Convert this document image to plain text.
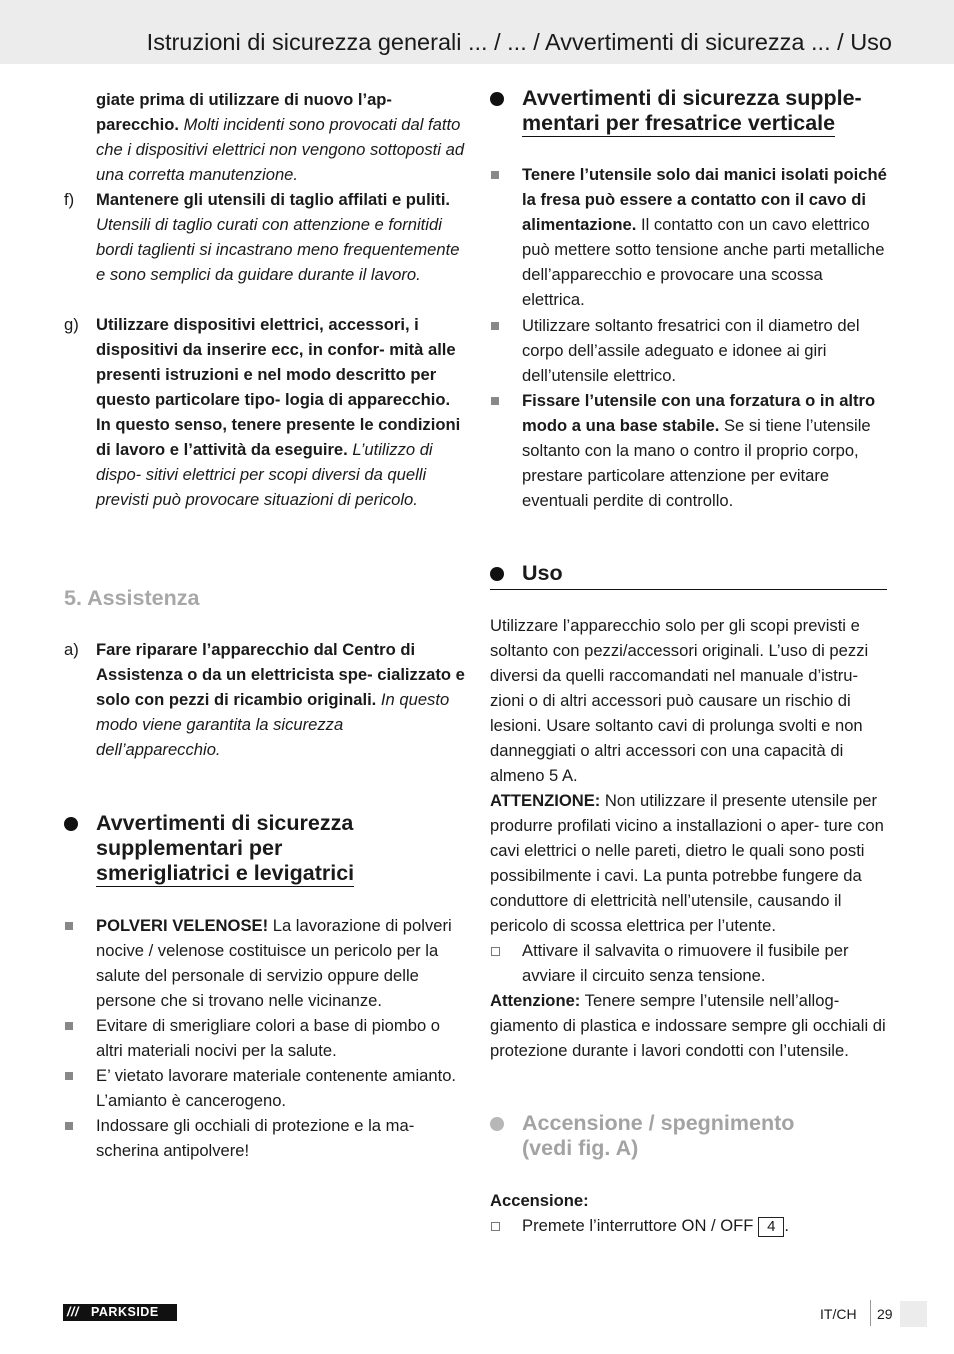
Istruzioni di sicurezza generali ... / ... / Avvertimenti di sicurezza ... / Uso
giate prima di utilizzare di nuovo l’ap- parecchio. Molti incidenti sono provocati dal fatto che i dispositivi elettrici non vengono sottoposti ad una corretta manutenzione.
f) Mantenere gli utensili di taglio affilati e puliti. Utensili di taglio curati con attenzione e fornitidi bordi taglienti si incastrano meno frequentemente e sono semplici da guidare durante il lavoro.
g) Utilizzare dispositivi elettrici, accessori, i dispositivi da inserire ecc, in confor- mità alle presenti istruzioni e nel modo descritto per questo particolare tipo- logia di apparecchio. In questo senso, tenere presente le condizioni di lavoro e l’attività da eseguire. L’utilizzo di dispo- sitivi elettrici per scopi diversi da quelli previsti può provocare situazioni di pericolo.
5. Assistenza
a) Fare riparare l’apparecchio dal Centro di Assistenza o da un elettricista spe- cializzato e solo con pezzi di ricambio originali. In questo modo viene garantita la sicurezza dell’apparecchio.
Avvertimenti di sicurezza
supplementari per
smerigliatrici e levigatrici
POLVERI VELENOSE! La lavorazione di polveri nocive / velenose costituisce un pericolo per la salute del personale di servizio oppure delle persone che si trovano nelle vicinanze.
Evitare di smerigliare colori a base di piombo o altri materiali nocivi per la salute.
E’ vietato lavorare materiale contenente amianto. L’amianto è cancerogeno.
Indossare gli occhiali di protezione e la ma- scherina antipolvere!
Avvertimenti di sicurezza supple-
mentari per fresatrice verticale
Tenere l’utensile solo dai manici isolati poiché la fresa può essere a contatto con il cavo di alimentazione. Il contatto con un cavo elettrico può mettere sotto tensione anche parti metalliche dell’apparecchio e provocare una scossa elettrica.
Utilizzare soltanto fresatrici con il diametro del corpo dell’assile adeguato e idonee ai giri dell’utensile elettrico.
Fissare l’utensile con una forzatura o in altro modo a una base stabile. Se si tiene l’utensile soltanto con la mano o contro il proprio corpo, prestare particolare attenzione per evitare eventuali perdite di controllo.
Uso
Utilizzare l’apparecchio solo per gli scopi previsti e soltanto con pezzi/accessori originali. L’uso di pezzi diversi da quelli raccomandati nel manuale d’istru- zioni o di altri accessori può causare un rischio di lesioni. Usare soltanto cavi di prolunga svolti e non danneggiati o altri accessori con una capacità di almeno 5 A.
ATTENZIONE: Non utilizzare il presente utensile per produrre profilati vicino a installazioni o aper- ture con cavi elettrici o nelle pareti, dietro le quali sono posti possibilmente i cavi. La punta potrebbe fungere da conduttore di elettricità nell’utensile, causando il pericolo di scossa elettrica per l’utente.
Attivare il salvavita o rimuovere il fusibile per avviare il circuito senza tensione.
Attenzione: Tenere sempre l’utensile nell’allog- giamento di plastica e indossare sempre gli occhiali di protezione durante i lavori condotti con l’utensile.
Accensione / spegnimento
(vedi fig. A)
Accensione:
Premete l’interruttore ON / OFF 4 .
/// PARKSIDE	IT/CH 29
